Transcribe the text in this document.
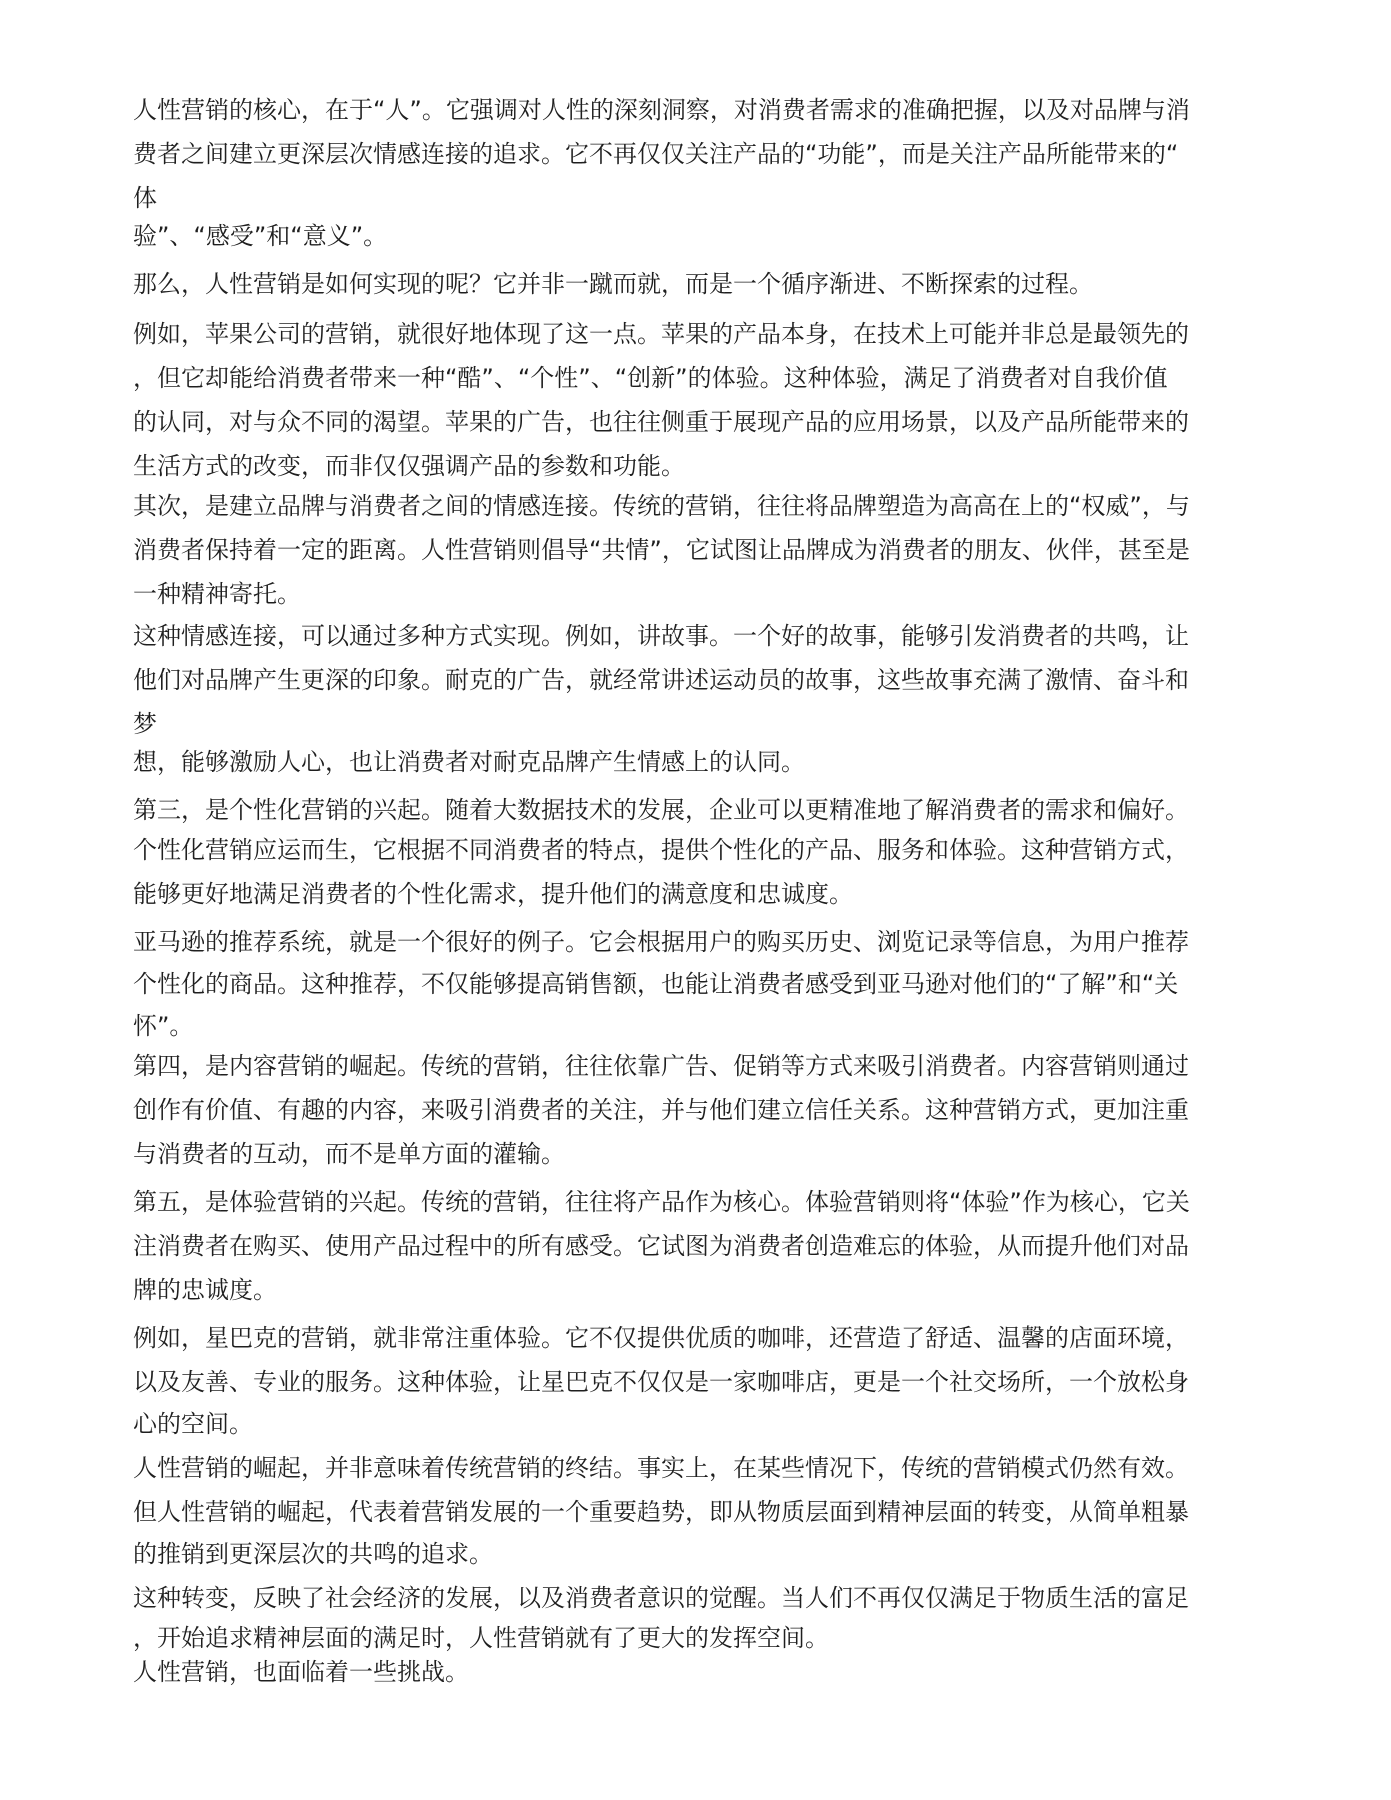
人性营销的核心，在于“人”。它强调对人性的深刻洞察，对消费者需求的准确把握，以及对品牌与消
费者之间建立更深层次情感连接的追求。它不再仅仅关注产品的“功能”，而是关注产品所能带来的“
体
验”、“感受”和“意义”。
那么，人性营销是如何实现的呢？它并非一蹴而就，而是一个循序渐进、不断探索的过程。
例如，苹果公司的营销，就很好地体现了这一点。苹果的产品本身，在技术上可能并非总是最领先的
，但它却能给消费者带来一种“酷”、“个性”、“创新”的体验。这种体验，满足了消费者对自我价值
的认同，对与众不同的渴望。苹果的广告，也往往侧重于展现产品的应用场景，以及产品所能带来的
生活方式的改变，而非仅仅强调产品的参数和功能。
其次，是建立品牌与消费者之间的情感连接。传统的营销，往往将品牌塑造为高高在上的“权威”，与
消费者保持着一定的距离。人性营销则倡导“共情”，它试图让品牌成为消费者的朋友、伙伴，甚至是
一种精神寄托。
这种情感连接，可以通过多种方式实现。例如，讲故事。一个好的故事，能够引发消费者的共鸣，让
他们对品牌产生更深的印象。耐克的广告，就经常讲述运动员的故事，这些故事充满了激情、奋斗和
梦
想，能够激励人心，也让消费者对耐克品牌产生情感上的认同。
第三，是个性化营销的兴起。随着大数据技术的发展，企业可以更精准地了解消费者的需求和偏好。
个性化营销应运而生，它根据不同消费者的特点，提供个性化的产品、服务和体验。这种营销方式，
能够更好地满足消费者的个性化需求，提升他们的满意度和忠诚度。
亚马逊的推荐系统，就是一个很好的例子。它会根据用户的购买历史、浏览记录等信息，为用户推荐
个性化的商品。这种推荐，不仅能够提高销售额，也能让消费者感受到亚马逊对他们的“了解”和“关
怀”。
第四，是内容营销的崛起。传统的营销，往往依靠广告、促销等方式来吸引消费者。内容营销则通过
创作有价值、有趣的内容，来吸引消费者的关注，并与他们建立信任关系。这种营销方式，更加注重
与消费者的互动，而不是单方面的灌输。
第五，是体验营销的兴起。传统的营销，往往将产品作为核心。体验营销则将“体验”作为核心，它关
注消费者在购买、使用产品过程中的所有感受。它试图为消费者创造难忘的体验，从而提升他们对品
牌的忠诚度。
例如，星巴克的营销，就非常注重体验。它不仅提供优质的咖啡，还营造了舒适、温馨的店面环境，
以及友善、专业的服务。这种体验，让星巴克不仅仅是一家咖啡店，更是一个社交场所，一个放松身
心的空间。
人性营销的崛起，并非意味着传统营销的终结。事实上，在某些情况下，传统的营销模式仍然有效。
但人性营销的崛起，代表着营销发展的一个重要趋势，即从物质层面到精神层面的转变，从简单粗暴
的推销到更深层次的共鸣的追求。
这种转变，反映了社会经济的发展，以及消费者意识的觉醒。当人们不再仅仅满足于物质生活的富足
，开始追求精神层面的满足时，人性营销就有了更大的发挥空间。
人性营销，也面临着一些挑战。
